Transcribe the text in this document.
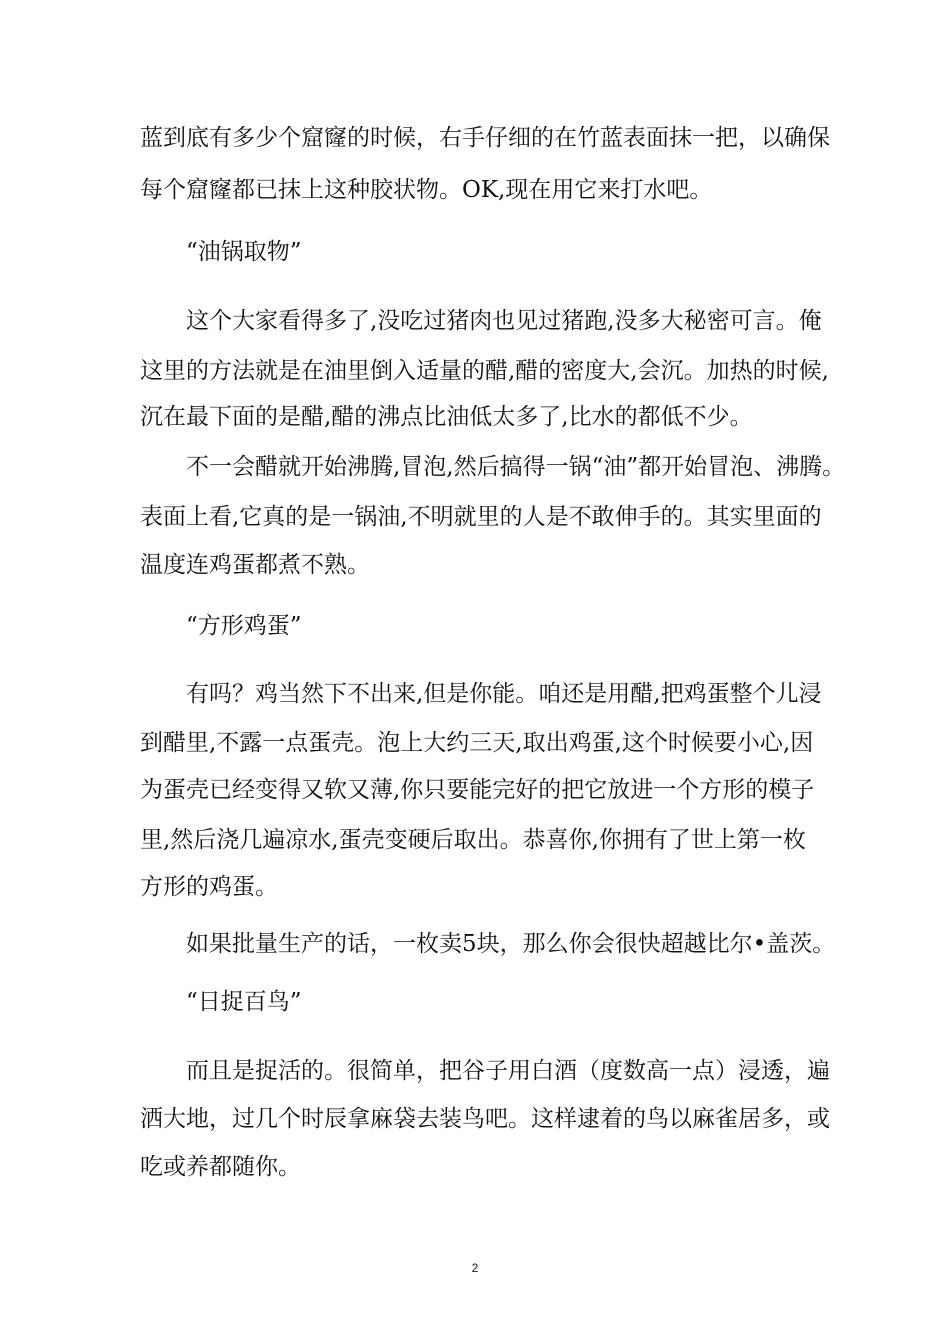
蓝到底有多少个窟窿的时候，右手仔细的在竹蓝表面抹一把，以确保
每个窟窿都已抹上这种胶状物。OK,现在用它来打水吧。
“油锅取物”
这个大家看得多了,没吃过猪肉也见过猪跑,没多大秘密可言。俺
这里的方法就是在油里倒入适量的醋,醋的密度大,会沉。加热的时候,
沉在最下面的是醋,醋的沸点比油低太多了,比水的都低不少。
不一会醋就开始沸腾,冒泡,然后搞得一锅“油”都开始冒泡、沸腾。
表面上看,它真的是一锅油,不明就里的人是不敢伸手的。其实里面的
温度连鸡蛋都煮不熟。
“方形鸡蛋”
有吗？鸡当然下不出来,但是你能。咱还是用醋,把鸡蛋整个儿浸
到醋里,不露一点蛋壳。泡上大约三天,取出鸡蛋,这个时候要小心,因
为蛋壳已经变得又软又薄,你只要能完好的把它放进一个方形的模子
里,然后浇几遍凉水,蛋壳变硬后取出。恭喜你,你拥有了世上第一枚
方形的鸡蛋。
如果批量生产的话，一枚卖5块，那么你会很快超越比尔•盖茨。
“日捉百鸟”
而且是捉活的。很简单，把谷子用白酒（度数高一点）浸透，遍
洒大地，过几个时辰拿麻袋去装鸟吧。这样逮着的鸟以麻雀居多，或
吃或养都随你。
2
